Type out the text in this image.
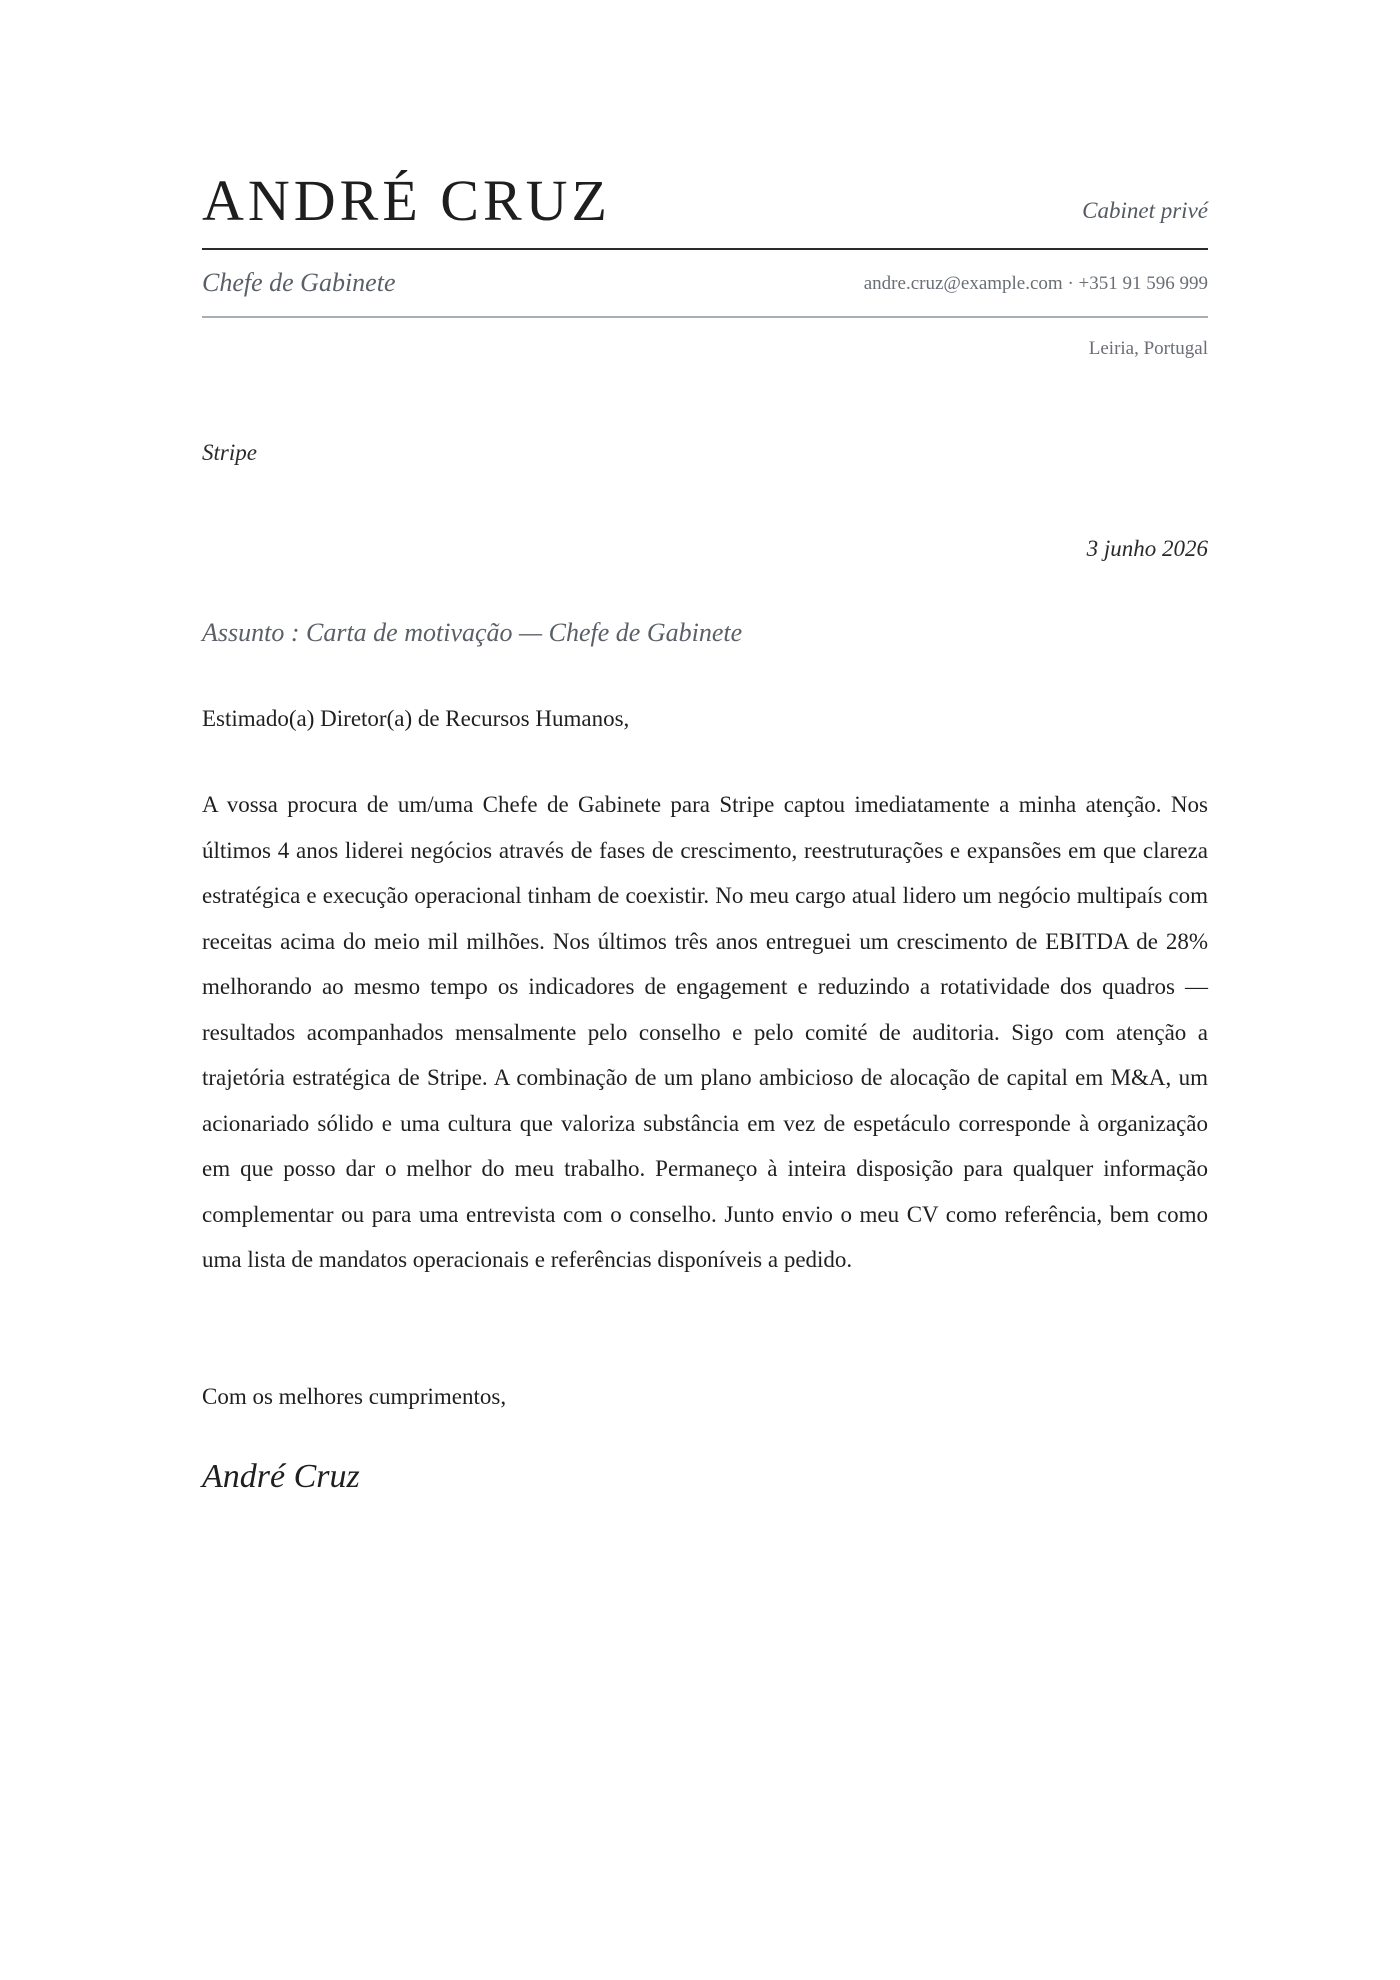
ANDRÉ CRUZ	Cabinet privé
Chefe de Gabinete	andre.cruz@example.com · +351 91 596 999
Leiria, Portugal
Stripe
3 junho 2026
Assunto : Carta de motivação — Chefe de Gabinete
Estimado(a) Diretor(a) de Recursos Humanos,

A vossa procura de um/uma Chefe de Gabinete para Stripe captou imediatamente a minha atenção. Nos últimos 4 anos liderei negócios através de fases de crescimento, reestruturações e expansões em que clareza estratégica e execução operacional tinham de coexistir. No meu cargo atual lidero um negócio multipaís com receitas acima do meio mil milhões. Nos últimos três anos entreguei um crescimento de EBITDA de 28% melhorando ao mesmo tempo os indicadores de engagement e reduzindo a rotatividade dos quadros — resultados acompanhados mensalmente pelo conselho e pelo comité de auditoria. Sigo com atenção a trajetória estratégica de Stripe. A combinação de um plano ambicioso de alocação de capital em M&A, um acionariado sólido e uma cultura que valoriza substância em vez de espetáculo corresponde à organização em que posso dar o melhor do meu trabalho. Permaneço à inteira disposição para qualquer informação complementar ou para uma entrevista com o conselho. Junto envio o meu CV como referência, bem como uma lista de mandatos operacionais e referências disponíveis a pedido.

Com os melhores cumprimentos,
André Cruz
